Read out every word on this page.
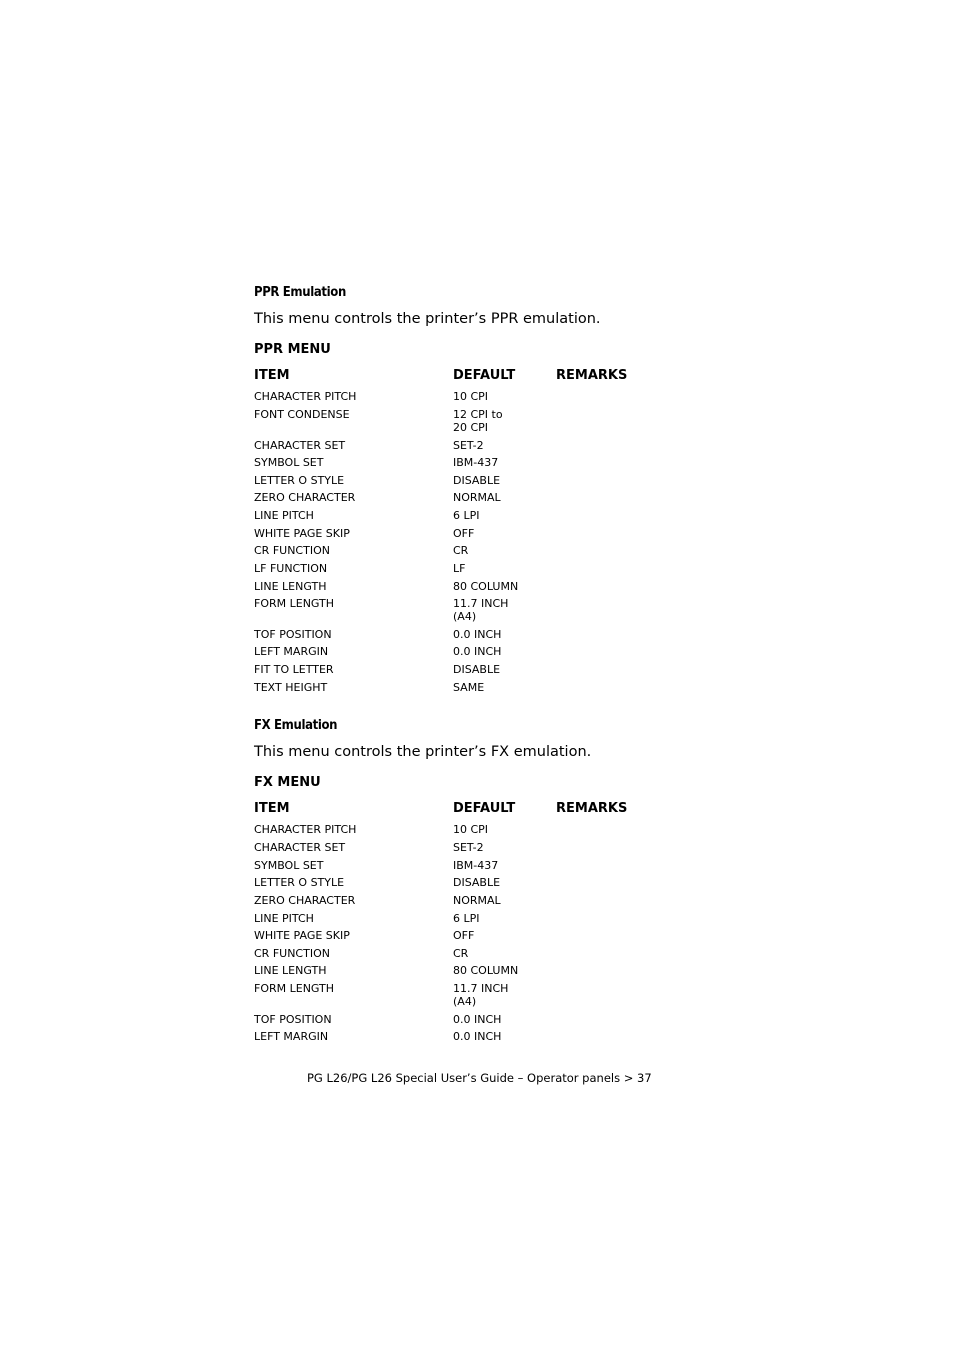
PPR Emulation
This menu controls the printer’s PPR emulation.
PPR MENU
ITEM	DEFAULT	REMARKS
CHARACTER PITCH	10 CPI
FONT CONDENSE	12 CPI to
20 CPI
CHARACTER SET	SET-2
SYMBOL SET	IBM-437
LETTER O STYLE	DISABLE
ZERO CHARACTER	NORMAL
LINE PITCH	6 LPI
WHITE PAGE SKIP	OFF
CR FUNCTION	CR
LF FUNCTION	LF
LINE LENGTH	80 COLUMN
FORM LENGTH	11.7 INCH
(A4)
TOF POSITION	0.0 INCH
LEFT MARGIN	0.0 INCH
FIT TO LETTER	DISABLE
TEXT HEIGHT	SAME
FX Emulation
This menu controls the printer’s FX emulation.
FX MENU
ITEM	DEFAULT	REMARKS
CHARACTER PITCH	10 CPI
CHARACTER SET	SET-2
SYMBOL SET	IBM-437
LETTER O STYLE	DISABLE
ZERO CHARACTER	NORMAL
LINE PITCH	6 LPI
WHITE PAGE SKIP	OFF
CR FUNCTION	CR
LINE LENGTH	80 COLUMN
FORM LENGTH	11.7 INCH
(A4)
TOF POSITION	0.0 INCH
LEFT MARGIN	0.0 INCH
PG L26/PG L26 Special User’s Guide – Operator panels > 37
